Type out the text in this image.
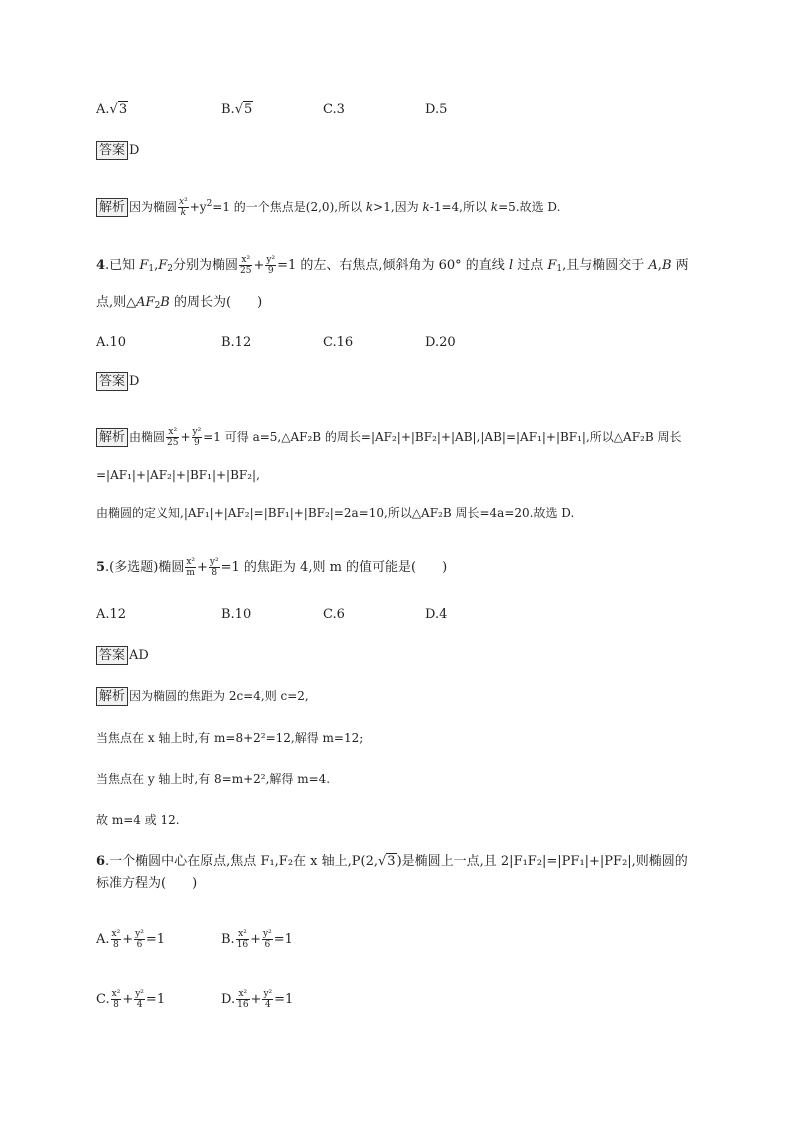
A.√3	B.√5	C.3	D.5
答案 D
解析 因为椭圆 $\frac{\text{x²}}{k} +y^2=1$ 的一个焦点是(2,0),所以 k>1,因为 k-1=4,所以 k=5.故选 D.
4.已知 $F_1,F_2$分别为椭圆 $\frac{\text{x²}}{25} + \frac{\text{y²}}{9} =1$ 的左、右焦点,倾斜角为 60° 的直线 l 过点 $F_1$,且与椭圆交于 A,B 两
点,则$\triangle AF_2B$ 的周长为(　　)
A.10	B.12	C.16	D.20
答案 D
解析 由椭圆 $\frac{\text{x²}}{25} + \frac{\text{y²}}{9} =1$ 可得 a=5,△AF₂B 的周长=|AF₂|+|BF₂|+|AB|,|AB|=|AF₁|+|BF₁|,所以△AF₂B 周长
=|AF₁|+|AF₂|+|BF₁|+|BF₂|,
由椭圆的定义知,|AF₁|+|AF₂|=|BF₁|+|BF₂|=2a=10,所以△AF₂B 周长=4a=20.故选 D.
5.(多选题)椭圆 $\frac{\text{x²}}{m} + \frac{\text{y²}}{8} =1$ 的焦距为 4,则 m 的值可能是(　　)
A.12	B.10	C.6	D.4
答案 AD
解析 因为椭圆的焦距为 2c=4,则 c=2,
当焦点在 x 轴上时,有 m=8+2²=12,解得 m=12;
当焦点在 y 轴上时,有 8=m+2²,解得 m=4.
故 m=4 或 12.
6.一个椭圆中心在原点,焦点 F₁,F₂在 x 轴上,P(2,√3)是椭圆上一点,且 2|F₁F₂|=|PF₁|+|PF₂|,则椭圆的
标准方程为(　　)
A. $\frac{\text{x²}}{8} + \frac{\text{y²}}{6} =1$	B. $\frac{\text{x²}}{16} + \frac{\text{y²}}{6} =1$
C. $\frac{\text{x²}}{8} + \frac{\text{y²}}{4} =1$	D. $\frac{\text{x²}}{16} + \frac{\text{y²}}{4} =1$
